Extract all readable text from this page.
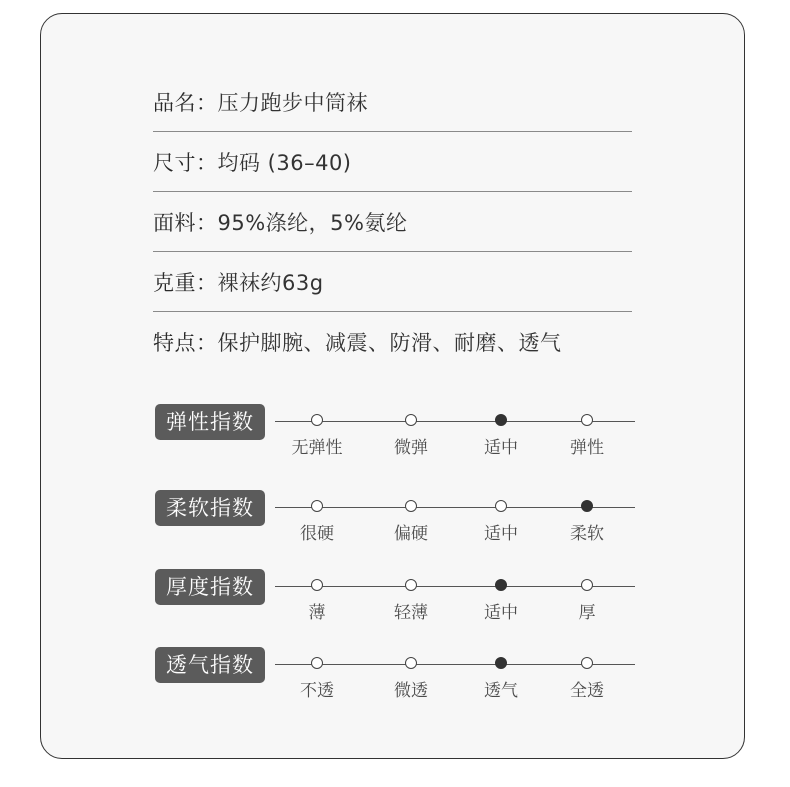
品名： 压力跑步中筒袜
尺寸： 均码 (36–40)
面料： 95%涤纶，5%氨纶
克重： 裸袜约63g
特点： 保护脚腕、减震、防滑、耐磨、透气
弹性指数
无弹性	微弹	适中	弹性
柔软指数
很硬	偏硬	适中	柔软
厚度指数
薄	轻薄	适中	厚
透气指数
不透	微透	透气	全透
